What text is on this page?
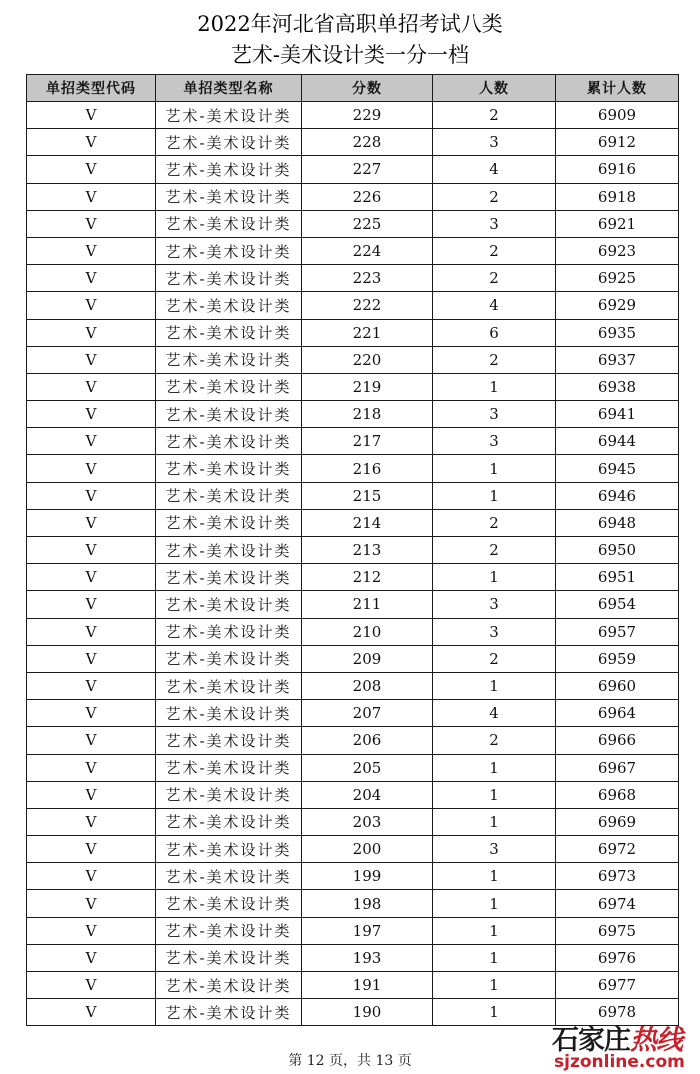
2022年河北省高职单招考试八类
艺术-美术设计类一分一档
单招类型代码	单招类型名称	分数	人数	累计人数
V	艺术-美术设计类	229	2	6909
V	艺术-美术设计类	228	3	6912
V	艺术-美术设计类	227	4	6916
V	艺术-美术设计类	226	2	6918
V	艺术-美术设计类	225	3	6921
V	艺术-美术设计类	224	2	6923
V	艺术-美术设计类	223	2	6925
V	艺术-美术设计类	222	4	6929
V	艺术-美术设计类	221	6	6935
V	艺术-美术设计类	220	2	6937
V	艺术-美术设计类	219	1	6938
V	艺术-美术设计类	218	3	6941
V	艺术-美术设计类	217	3	6944
V	艺术-美术设计类	216	1	6945
V	艺术-美术设计类	215	1	6946
V	艺术-美术设计类	214	2	6948
V	艺术-美术设计类	213	2	6950
V	艺术-美术设计类	212	1	6951
V	艺术-美术设计类	211	3	6954
V	艺术-美术设计类	210	3	6957
V	艺术-美术设计类	209	2	6959
V	艺术-美术设计类	208	1	6960
V	艺术-美术设计类	207	4	6964
V	艺术-美术设计类	206	2	6966
V	艺术-美术设计类	205	1	6967
V	艺术-美术设计类	204	1	6968
V	艺术-美术设计类	203	1	6969
V	艺术-美术设计类	200	3	6972
V	艺术-美术设计类	199	1	6973
V	艺术-美术设计类	198	1	6974
V	艺术-美术设计类	197	1	6975
V	艺术-美术设计类	193	1	6976
V	艺术-美术设计类	191	1	6977
V	艺术-美术设计类	190	1	6978
第 12 页，共 13 页
石家庄热线
sjzonline.com
